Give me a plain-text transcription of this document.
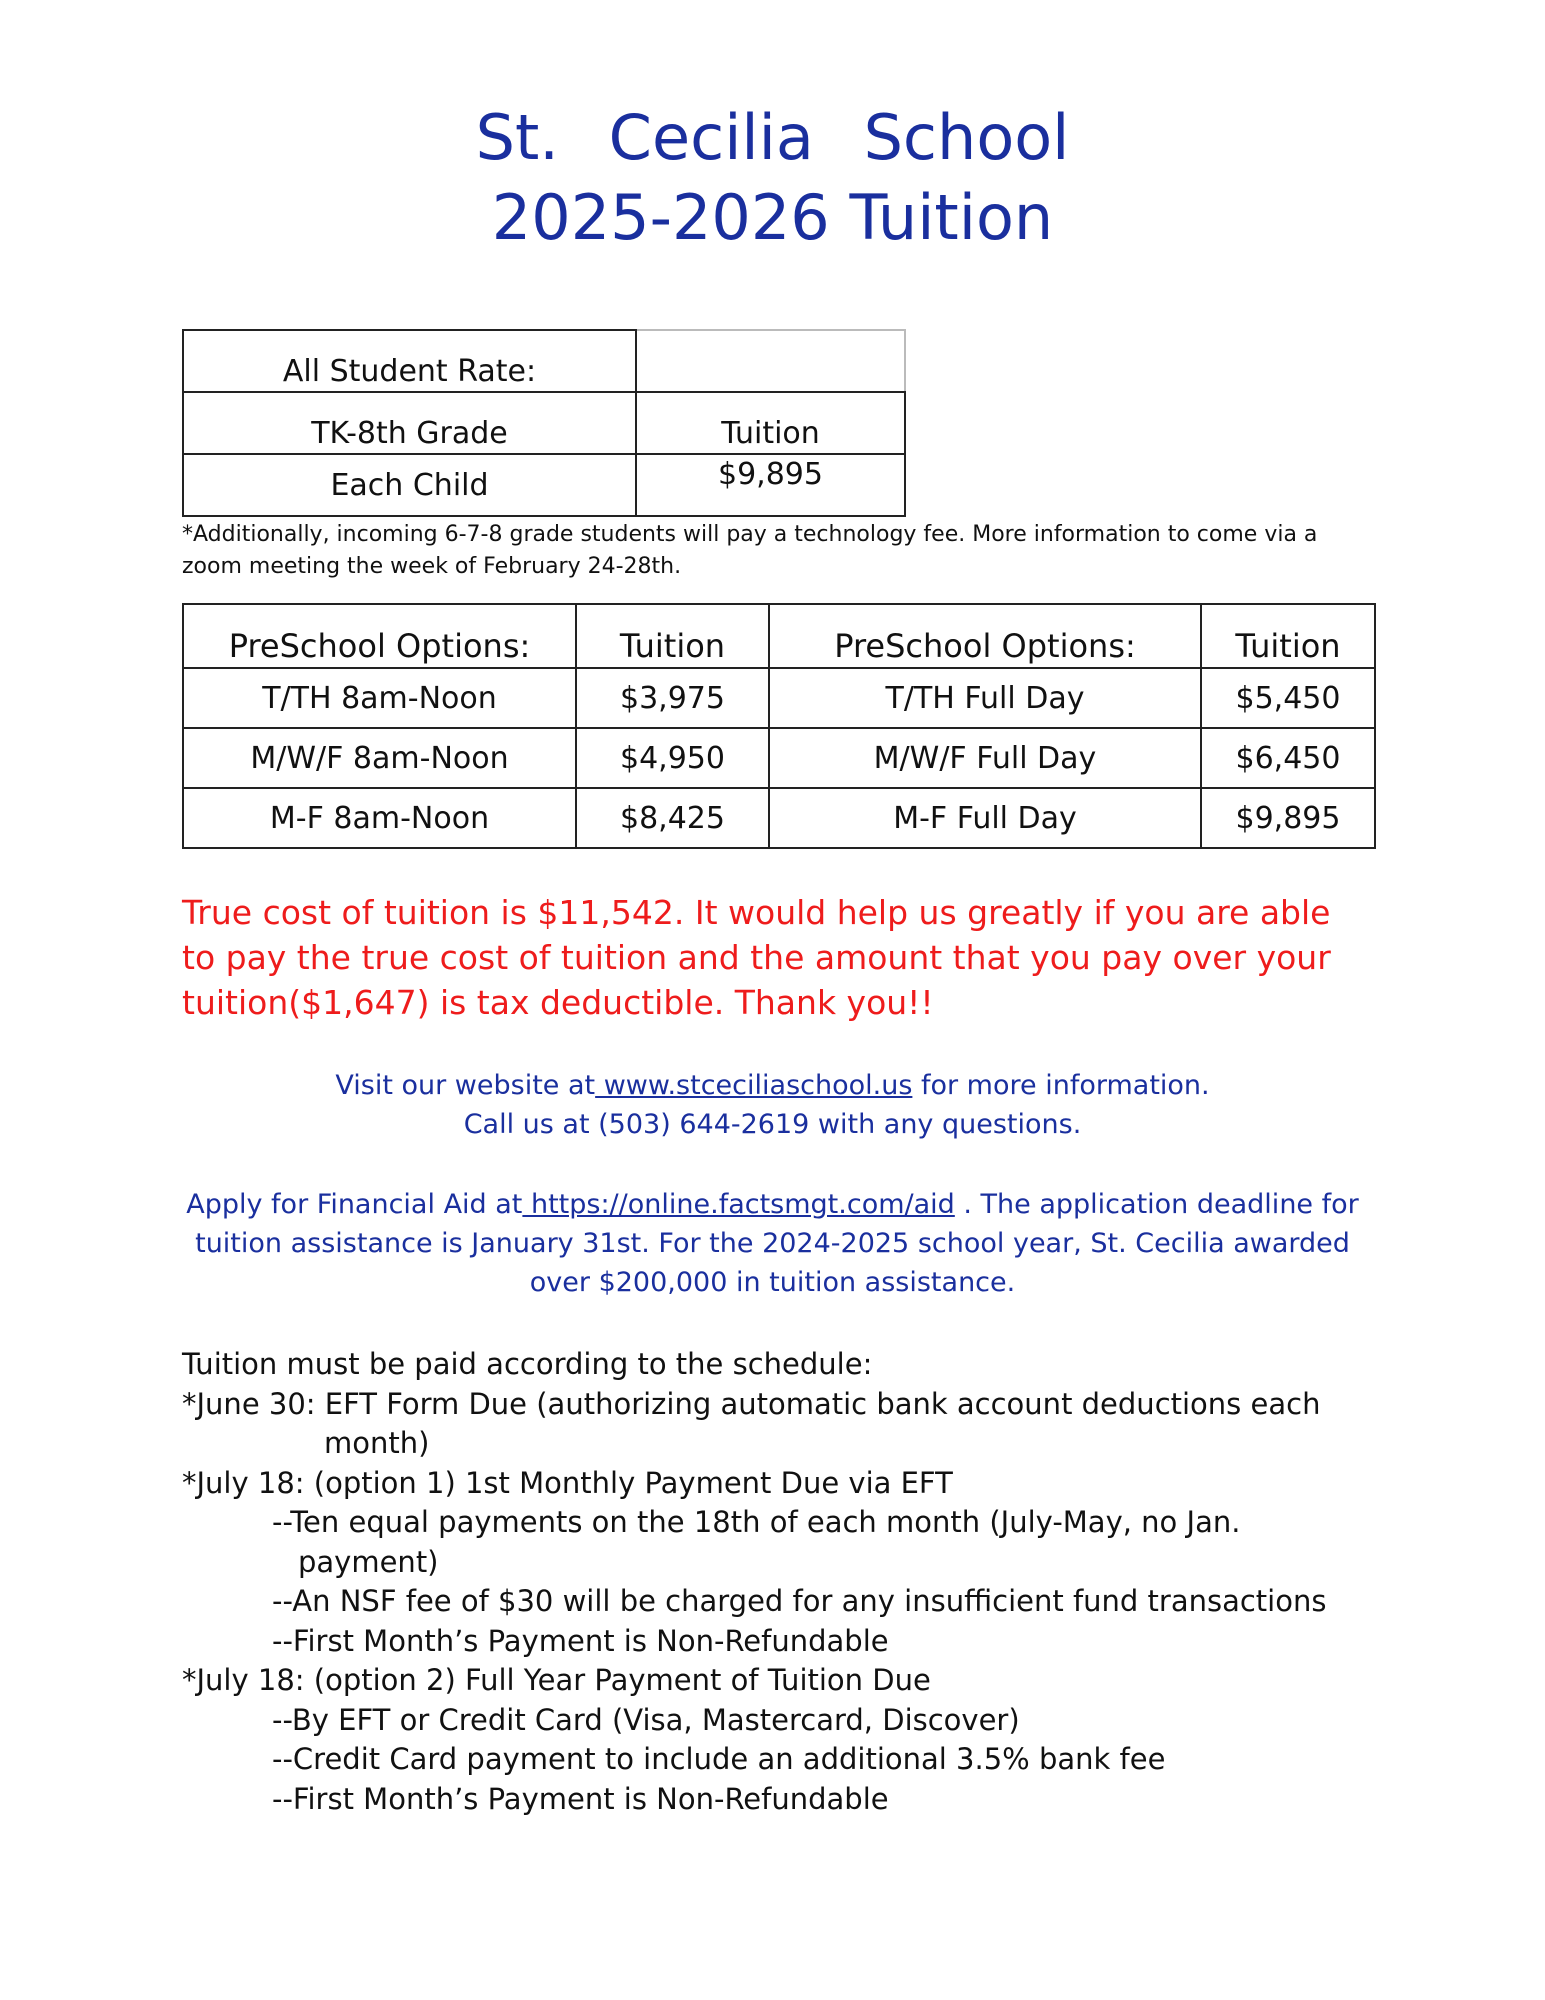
St. Cecilia School
2025-2026 Tuition
All Student Rate:	
TK-8th Grade	Tuition
Each Child	$9,895
*Additionally, incoming 6-7-8 grade students will pay a technology fee. More information to come via a zoom meeting the week of February 24-28th.
PreSchool Options:	Tuition	PreSchool Options:	Tuition
T/TH 8am-Noon	$3,975	T/TH Full Day	$5,450
M/W/F 8am-Noon	$4,950	M/W/F Full Day	$6,450
M-F 8am-Noon	$8,425	M-F Full Day	$9,895
True cost of tuition is $11,542. It would help us greatly if you are able to pay the true cost of tuition and the amount that you pay over your tuition($1,647) is tax deductible. Thank you!!
Visit our website at www.stceciliaschool.us for more information.
Call us at (503) 644-2619 with any questions.
Apply for Financial Aid at https://online.factsmgt.com/aid . The application deadline for
tuition assistance is January 31st. For the 2024-2025 school year, St. Cecilia awarded
over $200,000 in tuition assistance.
Tuition must be paid according to the schedule:
*June 30: EFT Form Due (authorizing automatic bank account deductions each
month)
*July 18: (option 1) 1st Monthly Payment Due via EFT
--Ten equal payments on the 18th of each month (July-May, no Jan.
payment)
--An NSF fee of $30 will be charged for any insufficient fund transactions
--First Month’s Payment is Non-Refundable
*July 18: (option 2) Full Year Payment of Tuition Due
--By EFT or Credit Card (Visa, Mastercard, Discover)
--Credit Card payment to include an additional 3.5% bank fee
--First Month’s Payment is Non-Refundable
